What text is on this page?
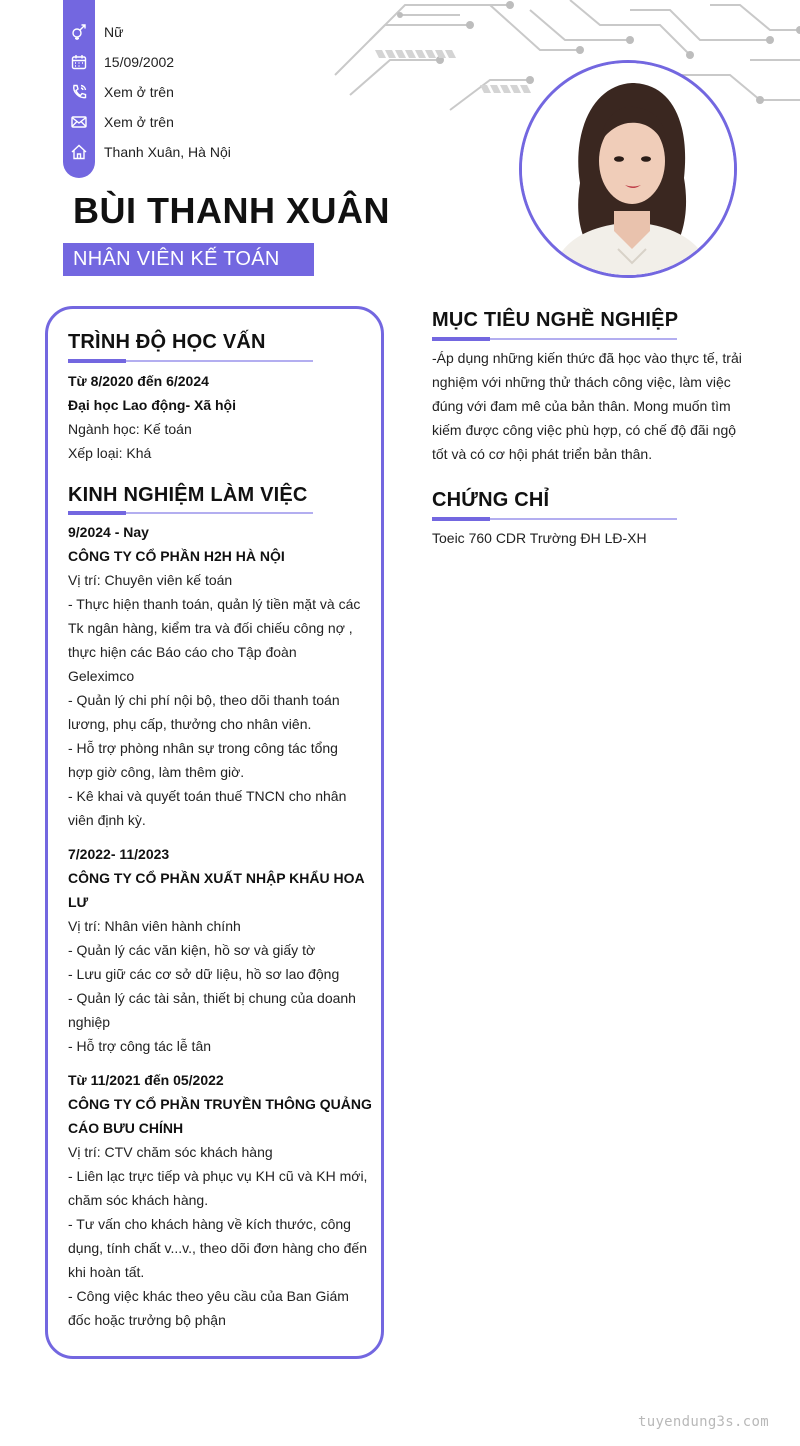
Nữ
15/09/2002
Xem ở trên
Xem ở trên
Thanh Xuân, Hà Nội
BÙI THANH XUÂN
NHÂN VIÊN KẾ TOÁN
TRÌNH ĐỘ HỌC VẤN
Từ 8/2020 đến 6/2024
Đại học Lao động- Xã hội
Ngành học: Kế toán
Xếp loại: Khá
KINH NGHIỆM LÀM VIỆC
9/2024 - Nay
CÔNG TY CỔ PHẦN H2H HÀ NỘI
Vị trí: Chuyên viên kế toán
- Thực hiện thanh toán, quản lý tiền mặt và các
Tk ngân hàng, kiểm tra và đối chiếu công nợ ,
thực hiện các Báo cáo cho Tập đoàn
Geleximco
- Quản lý chi phí nội bộ, theo dõi thanh toán
lương, phụ cấp, thưởng cho nhân viên.
- Hỗ trợ phòng nhân sự trong công tác tổng
hợp giờ công, làm thêm giờ.
- Kê khai và quyết toán thuế TNCN cho nhân
viên định kỳ.
7/2022- 11/2023
CÔNG TY CỔ PHẦN XUẤT NHẬP KHẨU HOA
LƯ
Vị trí: Nhân viên hành chính
- Quản lý các văn kiện, hồ sơ và giấy tờ
- Lưu giữ các cơ sở dữ liệu, hồ sơ lao động
- Quản lý các tài sản, thiết bị chung của doanh
nghiệp
- Hỗ trợ công tác lễ tân
Từ 11/2021 đến 05/2022
CÔNG TY CỔ PHẦN TRUYỀN THÔNG QUẢNG
CÁO BƯU CHÍNH
Vị trí: CTV chăm sóc khách hàng
- Liên lạc trực tiếp và phục vụ KH cũ và KH mới,
chăm sóc khách hàng.
- Tư vấn cho khách hàng về kích thước, công
dụng, tính chất v...v., theo dõi đơn hàng cho đến
khi hoàn tất.
- Công việc khác theo yêu cầu của Ban Giám
đốc hoặc trưởng bộ phận
MỤC TIÊU NGHỀ NGHIỆP
-Áp dụng những kiến thức đã học vào thực tế, trải
nghiệm với những thử thách công việc, làm việc
đúng với đam mê của bản thân. Mong muốn tìm
kiếm được công việc phù hợp, có chế độ đãi ngộ
tốt và có cơ hội phát triển bản thân.
CHỨNG CHỈ
Toeic 760 CDR Trường ĐH LĐ-XH
tuyendung3s.com
